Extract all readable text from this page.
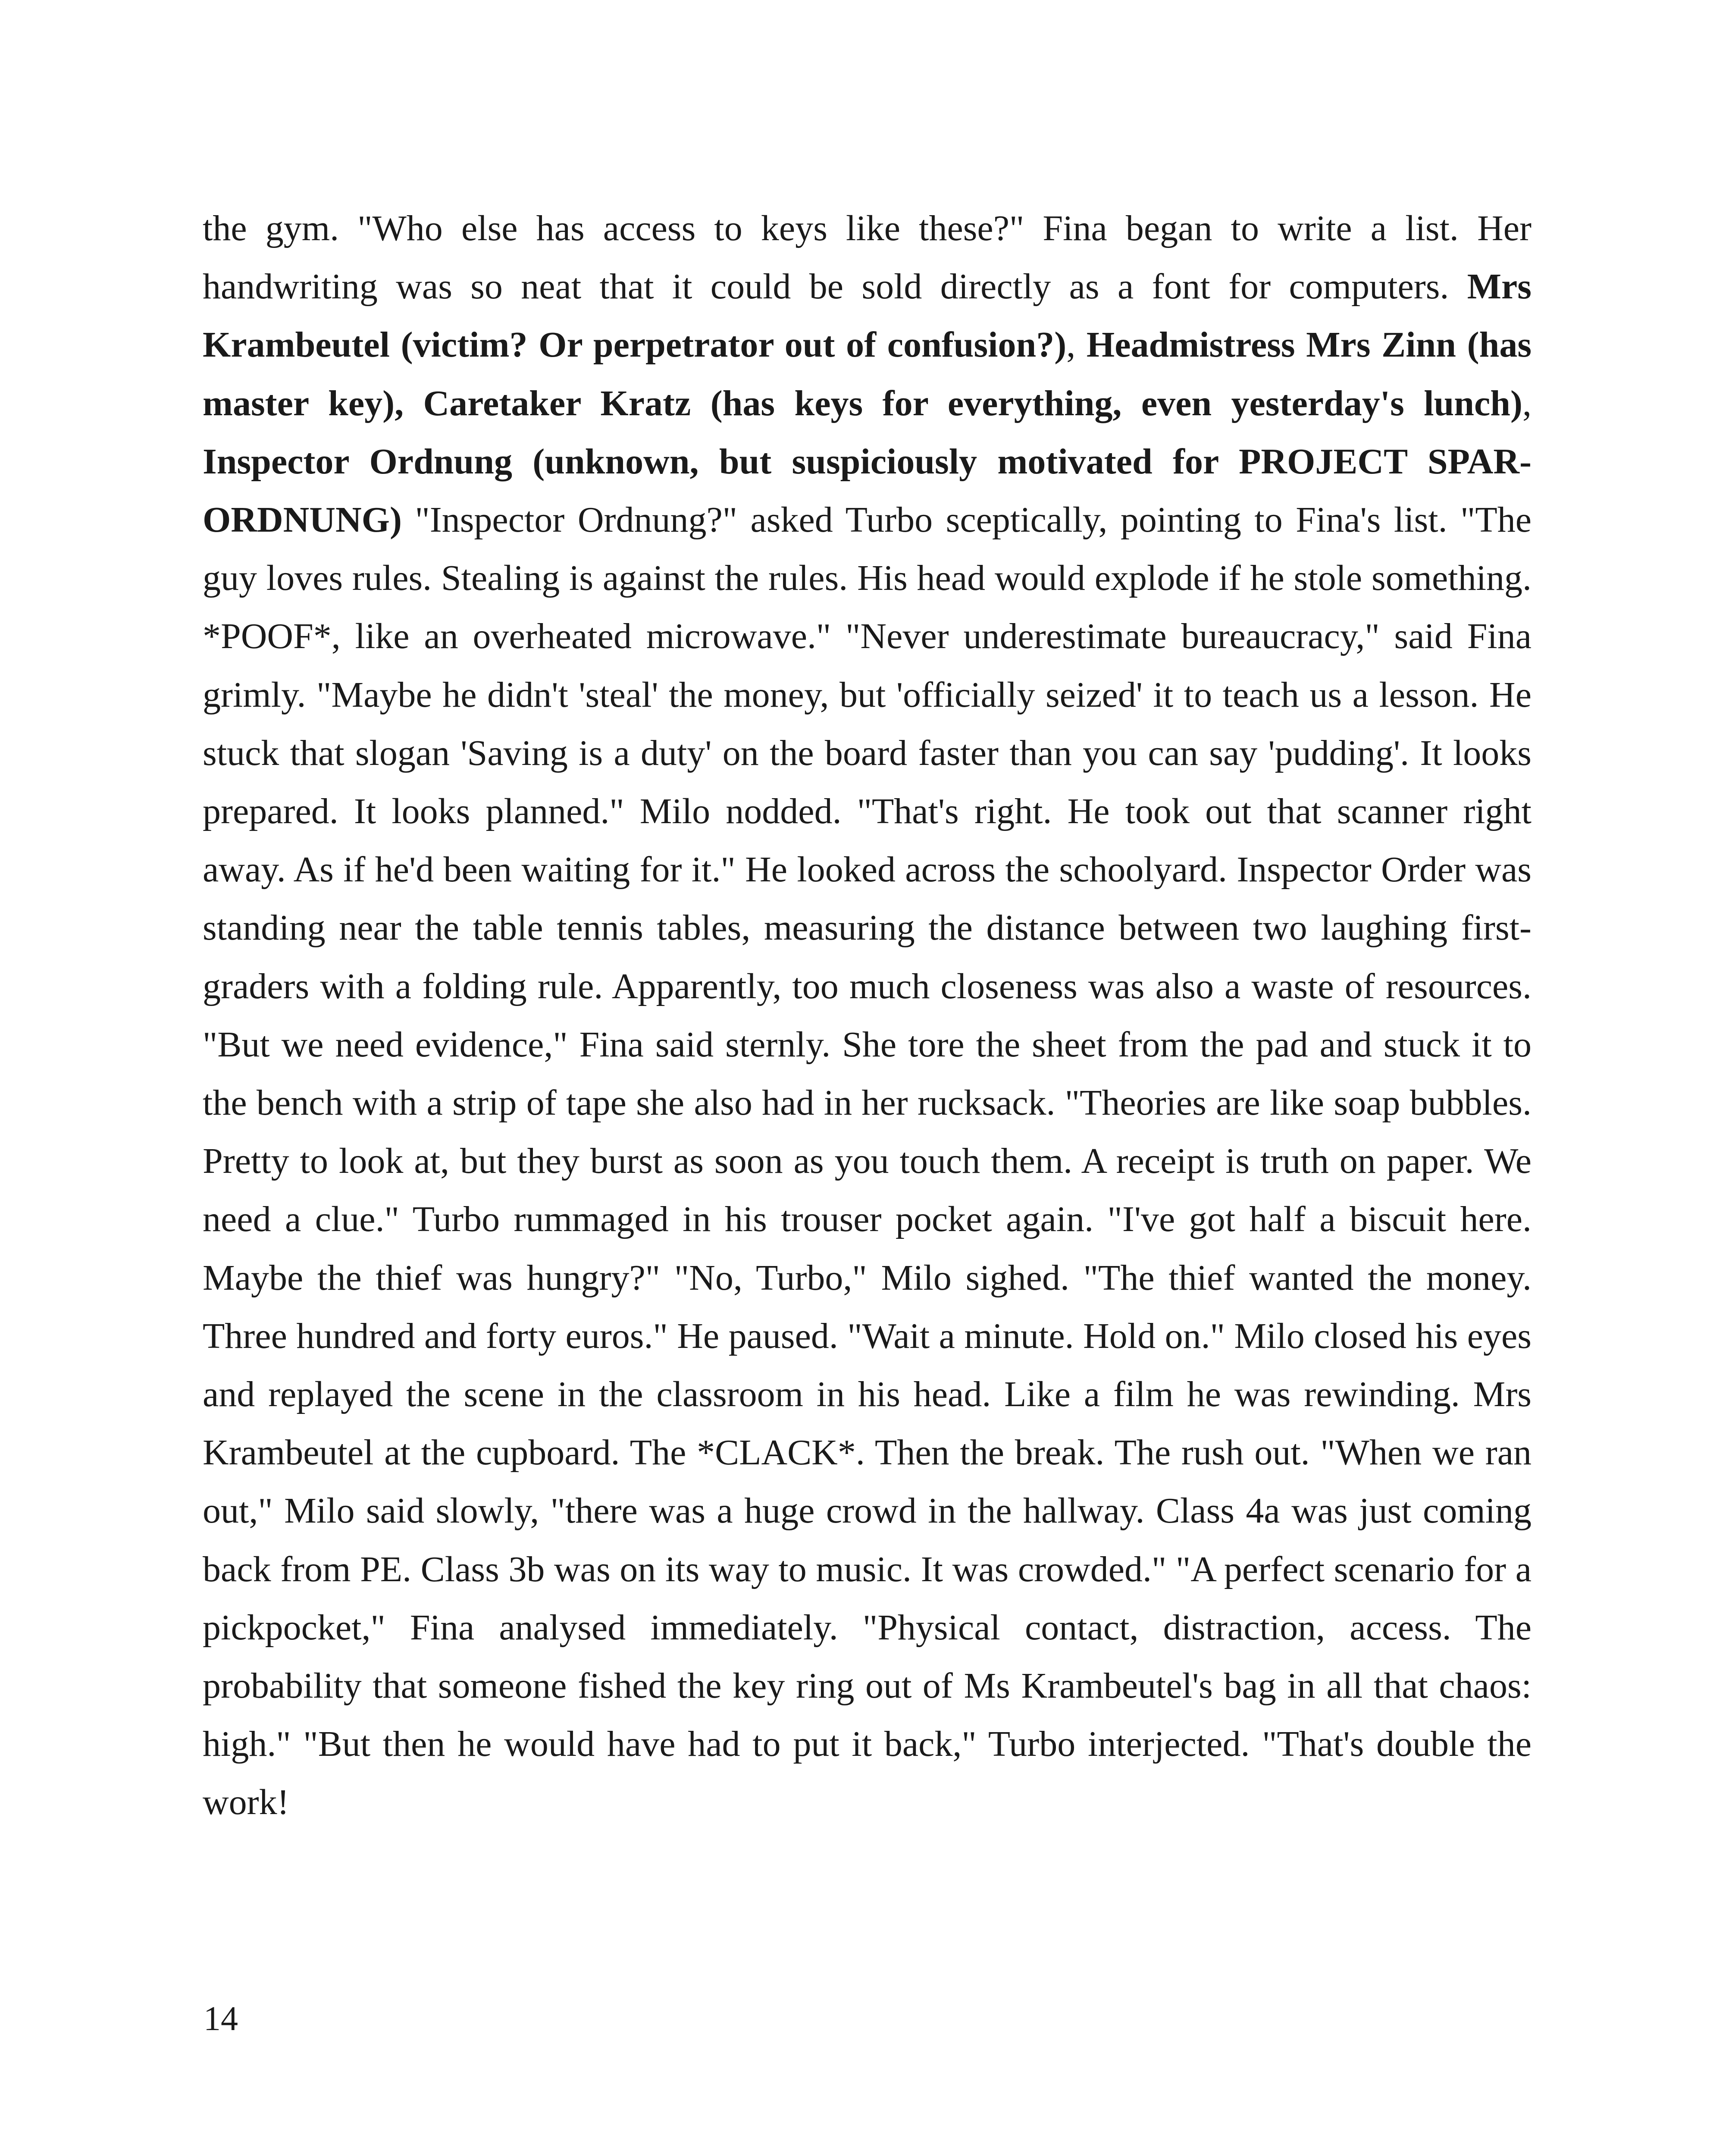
the gym. "Who else has access to keys like these?" Fina began to write a list. Her handwriting was so neat that it could be sold directly as a font for computers. Mrs Krambeutel (victim? Or perpetrator out of confusion?), Headmistress Mrs Zinn (has master key), Caretaker Kratz (has keys for everything, even yesterday's lunch), Inspector Ordnung (unknown, but suspiciously motivated for PROJECT SPAR-ORDNUNG) "Inspector Ordnung?" asked Turbo sceptically, pointing to Fina's list. "The guy loves rules. Stealing is against the rules. His head would explode if he stole something. *POOF*, like an overheated microwave." "Never underestimate bureaucracy," said Fina grimly. "Maybe he didn't 'steal' the money, but 'officially seized' it to teach us a lesson. He stuck that slogan 'Saving is a duty' on the board faster than you can say 'pudding'. It looks prepared. It looks planned." Milo nodded. "That's right. He took out that scanner right away. As if he'd been waiting for it." He looked across the schoolyard. Inspector Order was standing near the table tennis tables, measuring the distance between two laughing first-graders with a folding rule. Apparently, too much closeness was also a waste of resources. "But we need evidence," Fina said sternly. She tore the sheet from the pad and stuck it to the bench with a strip of tape she also had in her rucksack. "Theories are like soap bubbles. Pretty to look at, but they burst as soon as you touch them. A receipt is truth on paper. We need a clue." Turbo rummaged in his trouser pocket again. "I've got half a biscuit here. Maybe the thief was hungry?" "No, Turbo," Milo sighed. "The thief wanted the money. Three hundred and forty euros." He paused. "Wait a minute. Hold on." Milo closed his eyes and replayed the scene in the classroom in his head. Like a film he was rewinding. Mrs Krambeutel at the cupboard. The *CLACK*. Then the break. The rush out. "When we ran out," Milo said slowly, "there was a huge crowd in the hallway. Class 4a was just coming back from PE. Class 3b was on its way to music. It was crowded." "A perfect scenario for a pickpocket," Fina analysed immediately. "Physical contact, distraction, access. The probability that someone fished the key ring out of Ms Krambeutel's bag in all that chaos: high." "But then he would have had to put it back," Turbo interjected. "That's double the work!

14
